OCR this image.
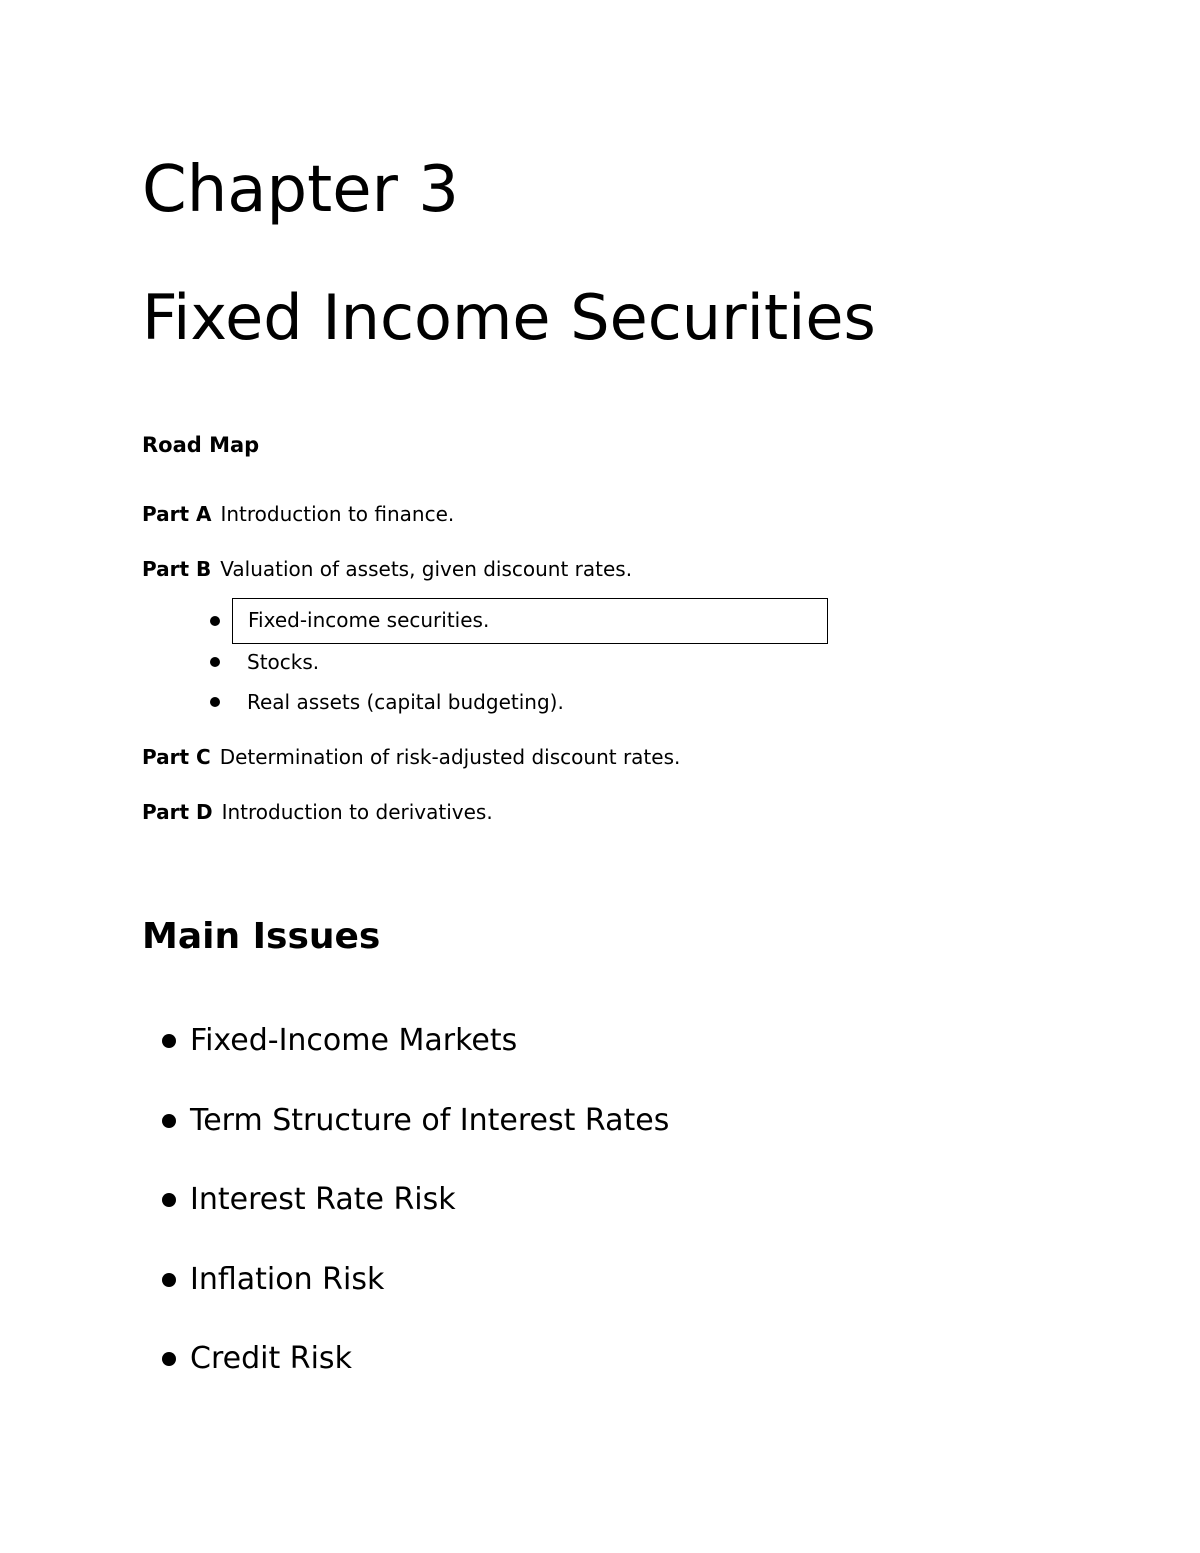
Chapter 3
Fixed Income Securities
Road Map
Part A Introduction to finance.
Part B Valuation of assets, given discount rates.
Fixed-income securities.
Stocks.
Real assets (capital budgeting).
Part C Determination of risk-adjusted discount rates.
Part D Introduction to derivatives.
Main Issues
Fixed-Income Markets
Term Structure of Interest Rates
Interest Rate Risk
Inflation Risk
Credit Risk
